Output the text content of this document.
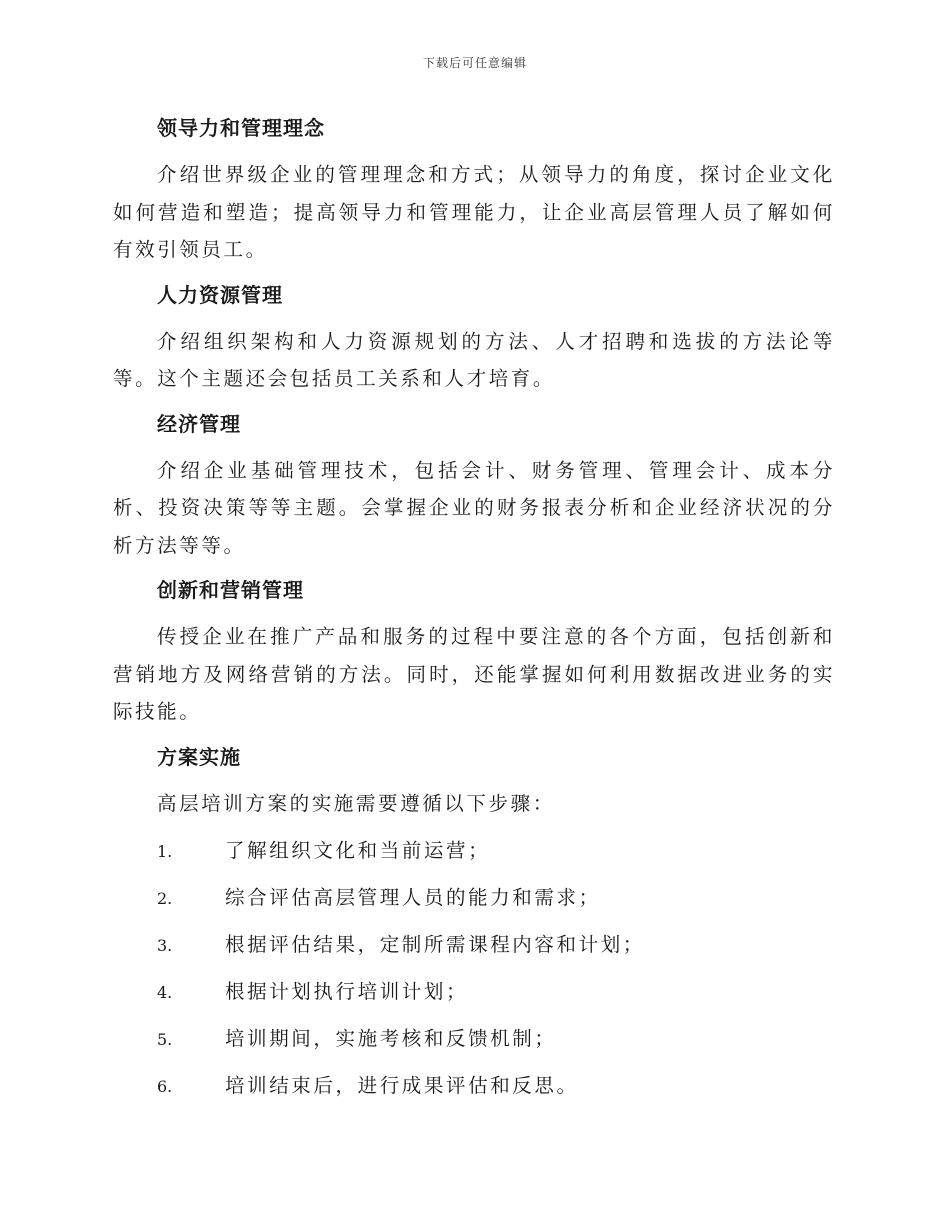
下载后可任意编辑
领导力和管理理念

介绍世界级企业的管理理念和方式；从领导力的角度，探讨企业文化如何营造和塑造；提高领导力和管理能力，让企业高层管理人员了解如何有效引领员工。

人力资源管理

介绍组织架构和人力资源规划的方法、人才招聘和选拔的方法论等等。这个主题还会包括员工关系和人才培育。

经济管理

介绍企业基础管理技术，包括会计、财务管理、管理会计、成本分析、投资决策等等主题。会掌握企业的财务报表分析和企业经济状况的分析方法等等。

创新和营销管理

传授企业在推广产品和服务的过程中要注意的各个方面，包括创新和营销地方及网络营销的方法。同时，还能掌握如何利用数据改进业务的实际技能。

方案实施

高层培训方案的实施需要遵循以下步骤：

1.	了解组织文化和当前运营；
2.	综合评估高层管理人员的能力和需求；
3.	根据评估结果，定制所需课程内容和计划；
4.	根据计划执行培训计划；
5.	培训期间，实施考核和反馈机制；
6.	培训结束后，进行成果评估和反思。
